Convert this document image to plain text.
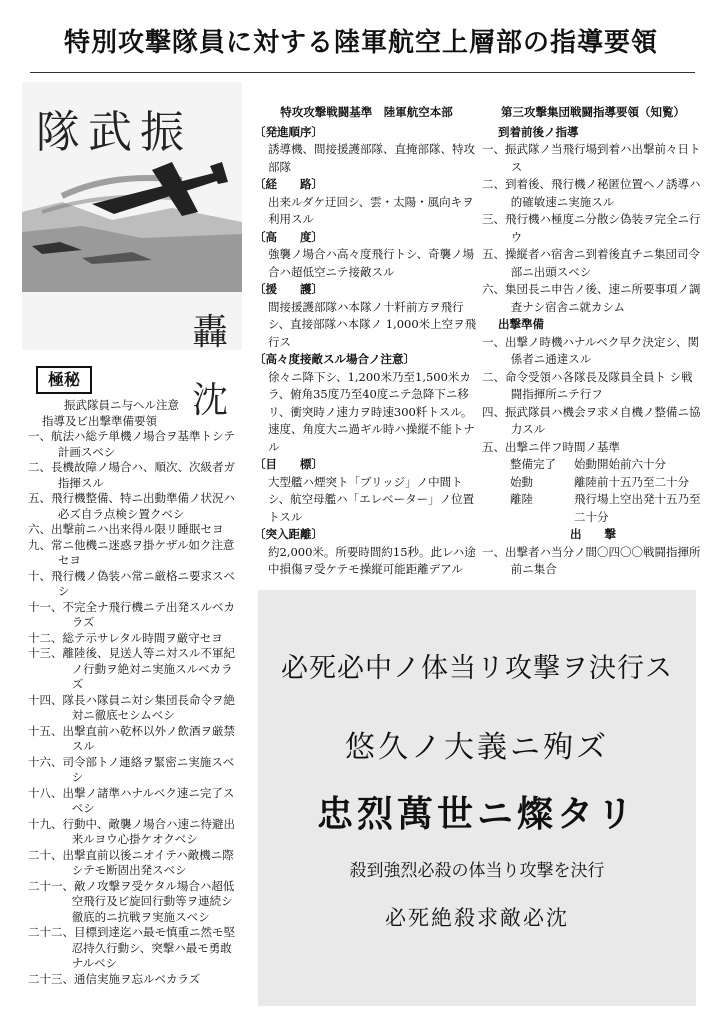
特別攻撃隊員に対する陸軍航空上層部の指導要領
隊武振
轟
沈
極秘
振武隊員ニ与ヘル注意
指導及ビ出撃準備要領
一、航法ハ総テ単機ノ場合ヲ基準トシテ計画スベシ
二、長機故障ノ場合ハ、順次、次級者ガ指揮スル
五、飛行機整備、特ニ出動準備ノ状況ハ必ズ自ラ点検シ置クベシ
六、出撃前ニハ出来得ル限リ睡眠セヨ
九、常ニ他機ニ迷惑ヲ掛ケザル如ク注意セヨ
十、飛行機ノ偽装ハ常ニ厳格ニ要求スベシ
十一、不完全ナ飛行機ニテ出発スルベカラズ
十二、総テ示サレタル時間ヲ厳守セヨ
十三、離陸後、見送人等ニ対スル不軍紀ノ行動ヲ絶対ニ実施スルベカラズ
十四、隊長ハ隊員ニ対シ集団長命令ヲ絶対ニ徹底セシムベシ
十五、出撃直前ハ乾杯以外ノ飲酒ヲ厳禁スル
十六、司令部トノ連絡ヲ緊密ニ実施スベシ
十八、出撃ノ諸準ハナルベク速ニ完了スベシ
十九、行動中、敵襲ノ場合ハ速ニ待避出来ルヨウ心掛ケオクベシ
二十、出撃直前以後ニオイテハ敵機ニ際シテモ断固出発スベシ
二十一、敵ノ攻撃ヲ受ケタル場合ハ超低空飛行及ビ旋回行動等ヲ連続シ徹底的ニ抗戦ヲ実施スベシ
二十二、目標到達迄ハ最モ慎重ニ然モ堅忍持久行動シ、突撃ハ最モ勇敢ナルベシ
二十三、通信実施ヲ忘ルベカラズ
特攻攻撃戦闘基準　陸軍航空本部
〔発進順序〕
誘導機、間接援護部隊、直掩部隊、特攻部隊
〔経　　路〕
出来ルダケ迂回シ、雲・太陽・風向キヲ利用スル
〔高　　度〕
強襲ノ場合ハ高々度飛行トシ、奇襲ノ場合ハ超低空ニテ接敵スル
〔援　　護〕
間接援護部隊ハ本隊ノ十粁前方ヲ飛行シ、直接部隊ハ本隊ノ 1,000米上空ヲ飛行ス
〔高々度接敵スル場合ノ注意〕
徐々ニ降下シ、1,200米乃至1,500米カラ、俯角35度乃至40度ニテ急降下ニ移リ、衝突時ノ速力ヲ時速300粁トスル。速度、角度大ニ過ギル時ハ操縦不能トナル
〔目　　標〕
大型艦ハ煙突ト「ブリッジ」ノ中間トシ、航空母艦ハ「エレベーター」ノ位置トスル
〔突入距離〕
約2,000米。所要時間約15秒。此レハ途中損傷ヲ受ケテモ操縦可能距離デアル
第三攻撃集団戦闘指導要領（知覧）
到着前後ノ指導
一、振武隊ノ当飛行場到着ハ出撃前々日トス
二、到着後、飛行機ノ秘匿位置ヘノ誘導ハ的確敏速ニ実施スル
三、飛行機ハ極度ニ分散シ偽装ヲ完全ニ行ウ
五、操縦者ハ宿舎ニ到着後直チニ集団司令部ニ出頭スベシ
六、集団長ニ申告ノ後、速ニ所要事項ノ調査ナシ宿舎ニ就カシム
出撃準備
一、出撃ノ時機ハナルベク早ク決定シ、関係者ニ通達スル
二、命令受領ハ各隊長及隊員全員ト シ戦闘指揮所ニテ行フ
四、振武隊員ハ機会ヲ求メ自機ノ整備ニ協力スル
五、出撃ニ伴フ時間ノ基準
整備完了	始動開始前六十分
始動	離陸前十五乃至二十分
離陸	飛行場上空出発十五乃至二十分
出　　撃
一、出撃者ハ当分ノ間〇四〇〇戦闘指揮所前ニ集合
必死必中ノ体当リ攻撃ヲ決行ス
悠久ノ大義ニ殉ズ
忠烈萬世ニ燦タリ
殺到強烈必殺の体当り攻撃を決行
必死絶殺求敵必沈
